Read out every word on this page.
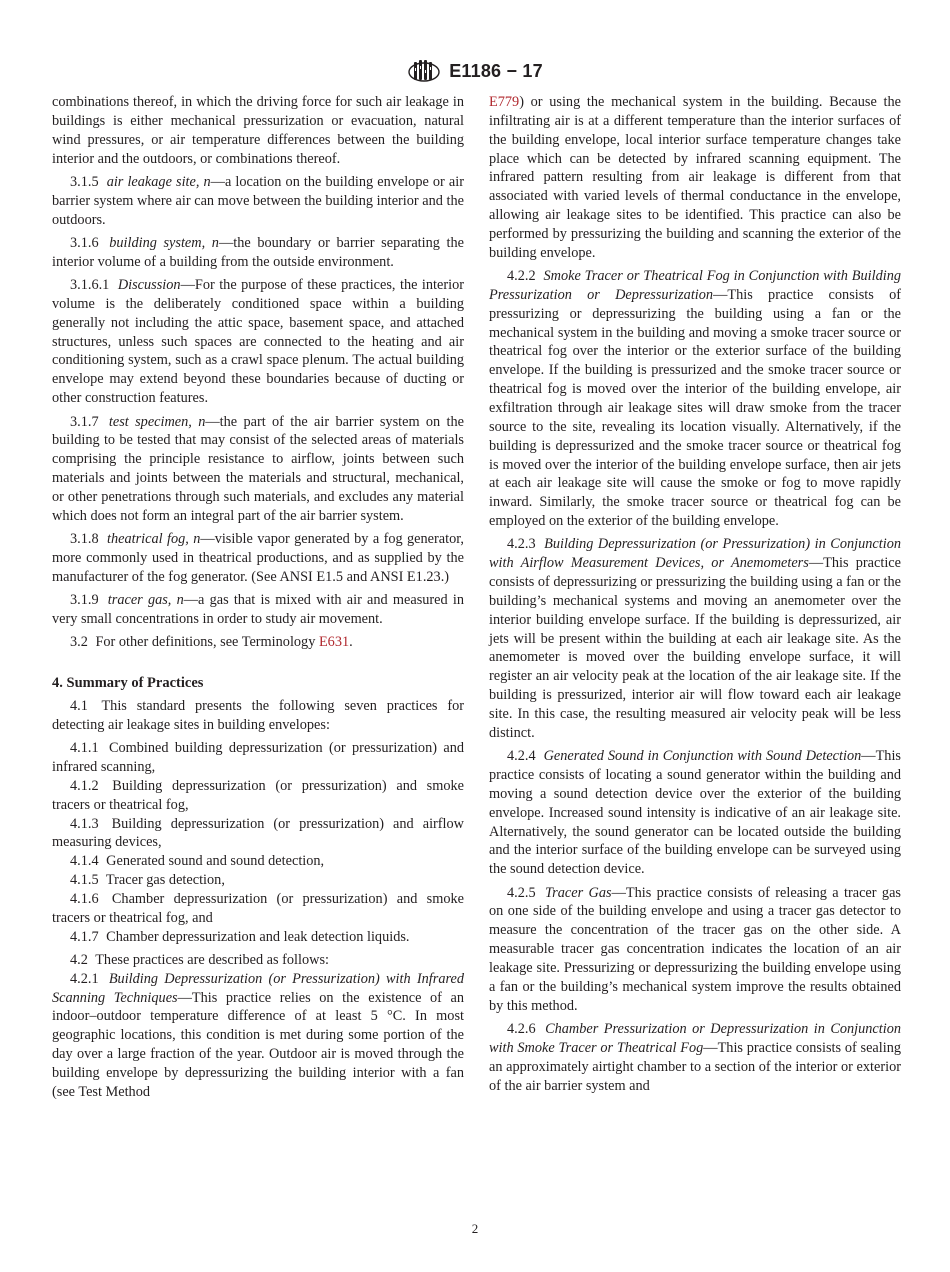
E1186 − 17

combinations thereof, in which the driving force for such air leakage in buildings is either mechanical pressurization or evacuation, natural wind pressures, or air temperature differences between the building interior and the outdoors, or combinations thereof.

3.1.5 air leakage site, n—a location on the building envelope or air barrier system where air can move between the building interior and the outdoors.

3.1.6 building system, n—the boundary or barrier separating the interior volume of a building from the outside environment.

3.1.6.1 Discussion—For the purpose of these practices, the interior volume is the deliberately conditioned space within a building generally not including the attic space, basement space, and attached structures, unless such spaces are connected to the heating and air conditioning system, such as a crawl space plenum. The actual building envelope may extend beyond these boundaries because of ducting or other construction features.

3.1.7 test specimen, n—the part of the air barrier system on the building to be tested that may consist of the selected areas of materials comprising the principle resistance to airflow, joints between such materials and joints between the materials and structural, mechanical, or other penetrations through such materials, and excludes any material which does not form an integral part of the air barrier system.

3.1.8 theatrical fog, n—visible vapor generated by a fog generator, more commonly used in theatrical productions, and as supplied by the manufacturer of the fog generator. (See ANSI E1.5 and ANSI E1.23.)

3.1.9 tracer gas, n—a gas that is mixed with air and measured in very small concentrations in order to study air movement.

3.2 For other definitions, see Terminology E631.

4. Summary of Practices

4.1 This standard presents the following seven practices for detecting air leakage sites in building envelopes:

4.1.1 Combined building depressurization (or pressurization) and infrared scanning,

4.1.2 Building depressurization (or pressurization) and smoke tracers or theatrical fog,

4.1.3 Building depressurization (or pressurization) and airflow measuring devices,

4.1.4 Generated sound and sound detection,

4.1.5 Tracer gas detection,

4.1.6 Chamber depressurization (or pressurization) and smoke tracers or theatrical fog, and

4.1.7 Chamber depressurization and leak detection liquids.

4.2 These practices are described as follows:

4.2.1 Building Depressurization (or Pressurization) with Infrared Scanning Techniques—This practice relies on the existence of an indoor–outdoor temperature difference of at least 5 °C. In most geographic locations, this condition is met during some portion of the day over a large fraction of the year. Outdoor air is moved through the building envelope by depressurizing the building interior with a fan (see Test Method

E779) or using the mechanical system in the building. Because the infiltrating air is at a different temperature than the interior surfaces of the building envelope, local interior surface temperature changes take place which can be detected by infrared scanning equipment. The infrared pattern resulting from air leakage is different from that associated with varied levels of thermal conductance in the envelope, allowing air leakage sites to be identified. This practice can also be performed by pressurizing the building and scanning the exterior of the building envelope.

4.2.2 Smoke Tracer or Theatrical Fog in Conjunction with Building Pressurization or Depressurization—This practice consists of pressurizing or depressurizing the building using a fan or the mechanical system in the building and moving a smoke tracer source or theatrical fog over the interior or the exterior surface of the building envelope. If the building is pressurized and the smoke tracer source or theatrical fog is moved over the interior of the building envelope, air exfiltration through air leakage sites will draw smoke from the tracer source to the site, revealing its location visually. Alternatively, if the building is depressurized and the smoke tracer source or theatrical fog is moved over the interior of the building envelope surface, then air jets at each air leakage site will cause the smoke or fog to move rapidly inward. Similarly, the smoke tracer source or theatrical fog can be employed on the exterior of the building envelope.

4.2.3 Building Depressurization (or Pressurization) in Conjunction with Airflow Measurement Devices, or Anemometers—This practice consists of depressurizing or pressurizing the building using a fan or the building’s mechanical systems and moving an anemometer over the interior building envelope surface. If the building is depressurized, air jets will be present within the building at each air leakage site. As the anemometer is moved over the building envelope surface, it will register an air velocity peak at the location of the air leakage site. If the building is pressurized, interior air will flow toward each air leakage site. In this case, the resulting measured air velocity peak will be less distinct.

4.2.4 Generated Sound in Conjunction with Sound Detection—This practice consists of locating a sound generator within the building and moving a sound detection device over the exterior of the building envelope. Increased sound intensity is indicative of an air leakage site. Alternatively, the sound generator can be located outside the building and the interior surface of the building envelope can be surveyed using the sound detection device.

4.2.5 Tracer Gas—This practice consists of releasing a tracer gas on one side of the building envelope and using a tracer gas detector to measure the concentration of the tracer gas on the other side. A measurable tracer gas concentration indicates the location of an air leakage site. Pressurizing or depressurizing the building envelope using a fan or the building’s mechanical system improve the results obtained by this method.

4.2.6 Chamber Pressurization or Depressurization in Conjunction with Smoke Tracer or Theatrical Fog—This practice consists of sealing an approximately airtight chamber to a section of the interior or exterior of the air barrier system and

2
